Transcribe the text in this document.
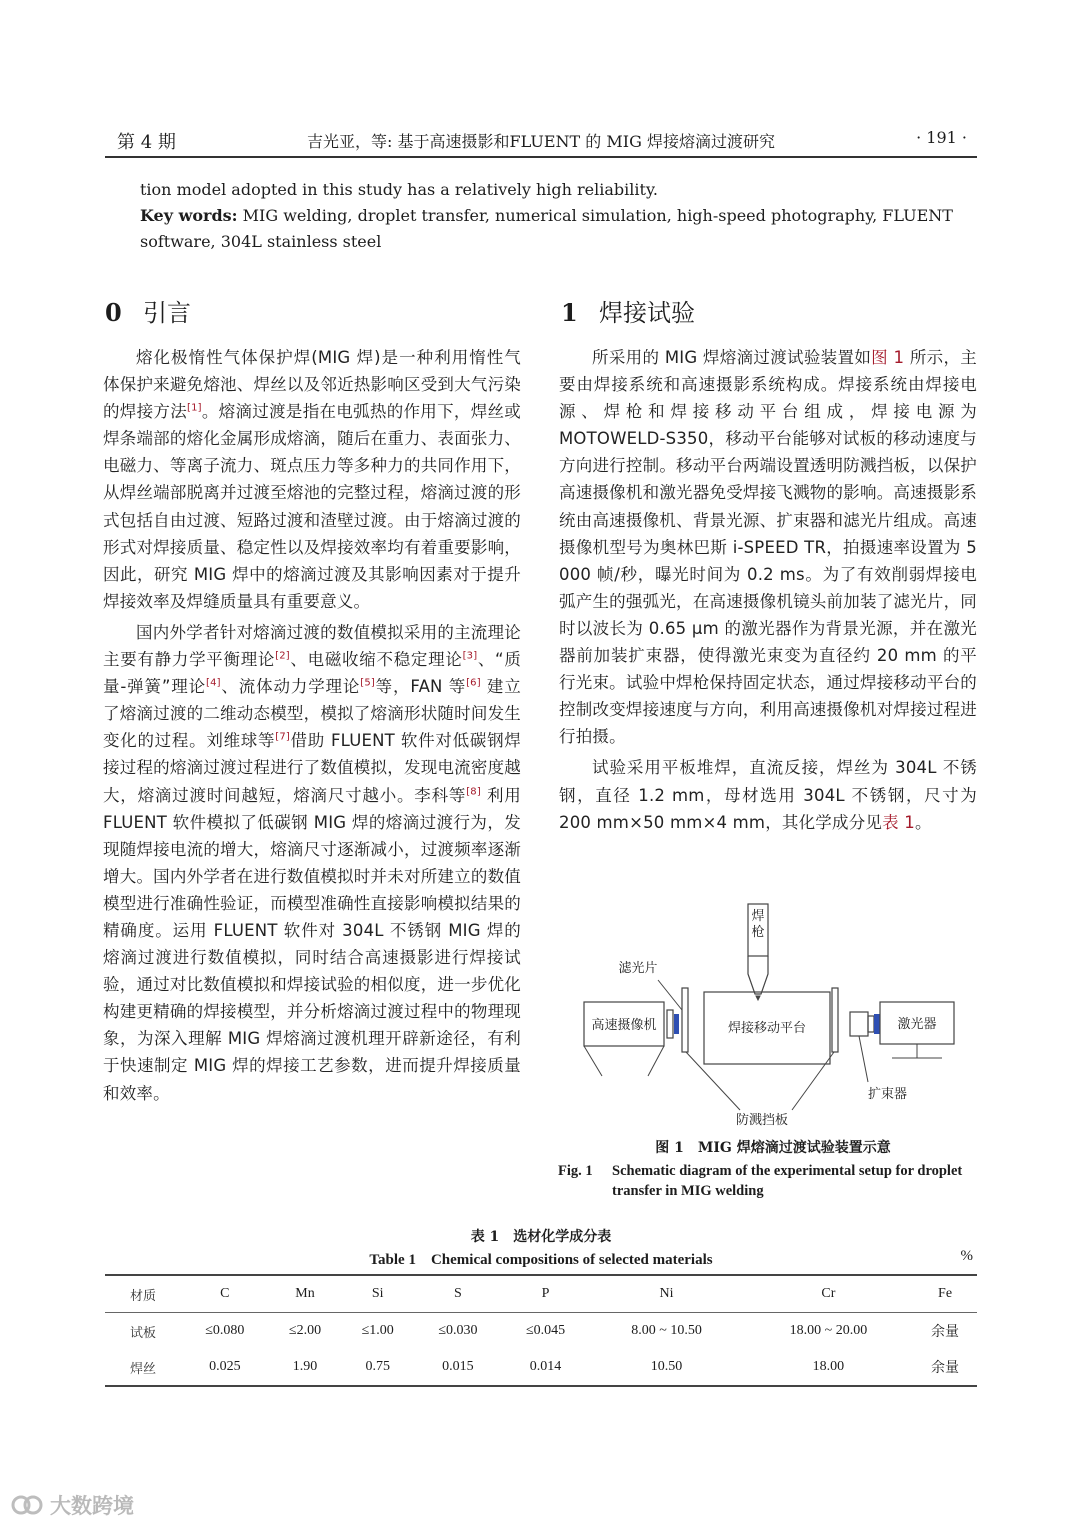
第 4 期	吉光亚，等: 基于高速摄影和FLUENT 的 MIG 焊接熔滴过渡研究	· 191 ·

tion model adopted in this study has a relatively high reliability.

Key words: MIG welding, droplet transfer, numerical simulation, high-speed photography, FLUENT software, 304L stainless steel

0 引言

熔化极惰性气体保护焊(MIG 焊)是一种利用惰性气体保护来避免熔池、焊丝以及邻近热影响区受到大气污染的焊接方法[1]。熔滴过渡是指在电弧热的作用下，焊丝或焊条端部的熔化金属形成熔滴，随后在重力、表面张力、电磁力、等离子流力、斑点压力等多种力的共同作用下，从焊丝端部脱离并过渡至熔池的完整过程，熔滴过渡的形式包括自由过渡、短路过渡和渣壁过渡。由于熔滴过渡的形式对焊接质量、稳定性以及焊接效率均有着重要影响，因此，研究 MIG 焊中的熔滴过渡及其影响因素对于提升焊接效率及焊缝质量具有重要意义。

国内外学者针对熔滴过渡的数值模拟采用的主流理论主要有静力学平衡理论[2]、电磁收缩不稳定理论[3]、“质量-弹簧”理论[4]、流体动力学理论[5]等，FAN 等[6] 建立了熔滴过渡的二维动态模型，模拟了熔滴形状随时间发生变化的过程。刘维球等[7]借助 FLUENT 软件对低碳钢焊接过程的熔滴过渡过程进行了数值模拟，发现电流密度越大，熔滴过渡时间越短，熔滴尺寸越小。李科等[8] 利用 FLUENT 软件模拟了低碳钢 MIG 焊的熔滴过渡行为，发现随焊接电流的增大，熔滴尺寸逐渐减小，过渡频率逐渐增大。国内外学者在进行数值模拟时并未对所建立的数值模型进行准确性验证，而模型准确性直接影响模拟结果的精确度。运用 FLUENT 软件对 304L 不锈钢 MIG 焊的熔滴过渡进行数值模拟，同时结合高速摄影进行焊接试验，通过对比数值模拟和焊接试验的相似度，进一步优化构建更精确的焊接模型，并分析熔滴过渡过程中的物理现象，为深入理解 MIG 焊熔滴过渡机理开辟新途径，有利于快速制定 MIG 焊的焊接工艺参数，进而提升焊接质量和效率。

1 焊接试验

所采用的 MIG 焊熔滴过渡试验装置如图 1 所示，主要由焊接系统和高速摄影系统构成。焊接系统由焊接电源、焊枪和焊接移动平台组成，焊接电源为 MOTOWELD-S350，移动平台能够对试板的移动速度与方向进行控制。移动平台两端设置透明防溅挡板，以保护高速摄像机和激光器免受焊接飞溅物的影响。高速摄影系统由高速摄像机、背景光源、扩束器和滤光片组成。高速摄像机型号为奥林巴斯 i-SPEED TR，拍摄速率设置为 5 000 帧/秒，曝光时间为 0.2 ms。为了有效削弱焊接电弧产生的强弧光，在高速摄像机镜头前加装了滤光片，同时以波长为 0.65 μm 的激光器作为背景光源，并在激光器前加装扩束器，使得激光束变为直径约 20 mm 的平行光束。试验中焊枪保持固定状态，通过焊接移动平台的控制改变焊接速度与方向，利用高速摄像机对焊接过程进行拍摄。

试验采用平板堆焊，直流反接，焊丝为 304L 不锈钢，直径 1.2 mm，母材选用 304L 不锈钢，尺寸为 200 mm×50 mm×4 mm，其化学成分见表 1。

焊
枪
高速摄像机
滤光片
焊接移动平台	激光器
扩束器
防溅挡板

图 1　MIG 焊熔滴过渡试验装置示意

Fig. 1	Schematic diagram of the experimental setup for droplet transfer in MIG welding

表 1　选材化学成分表

Table 1　Chemical compositions of selected materials	%
材质	C	Mn	Si	S	P	Ni	Cr	Fe
试板	≤0.080	≤2.00	≤1.00	≤0.030	≤0.045	8.00 ~ 10.50	18.00 ~ 20.00	余量
焊丝	0.025	1.90	0.75	0.015	0.014	10.50	18.00	余量
大数跨境
